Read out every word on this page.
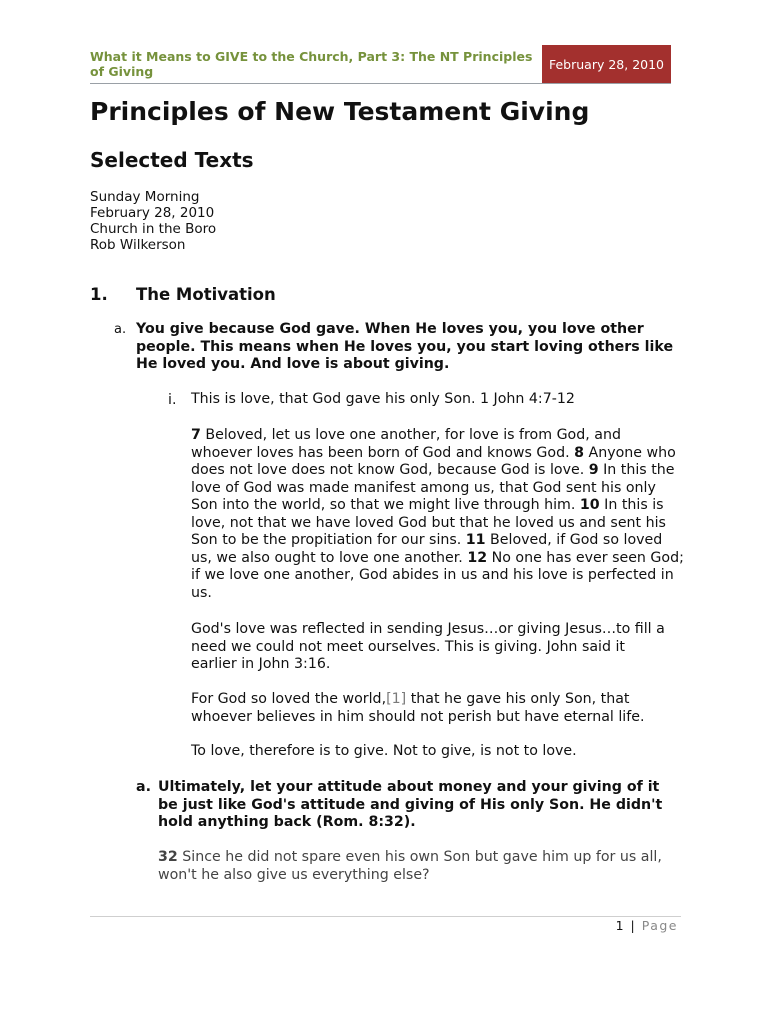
What it Means to GIVE to the Church, Part 3: The NT Principles of Giving	February 28, 2010
Principles of New Testament Giving
Selected Texts
Sunday Morning
February 28, 2010
Church in the Boro
Rob Wilkerson
1. The Motivation
a. You give because God gave. When He loves you, you love other people. This means when He loves you, you start loving others like He loved you. And love is about giving.
i. This is love, that God gave his only Son. 1 John 4:7-12
7 Beloved, let us love one another, for love is from God, and whoever loves has been born of God and knows God. 8 Anyone who does not love does not know God, because God is love. 9 In this the love of God was made manifest among us, that God sent his only Son into the world, so that we might live through him. 10 In this is love, not that we have loved God but that he loved us and sent his Son to be the propitiation for our sins. 11 Beloved, if God so loved us, we also ought to love one another. 12 No one has ever seen God; if we love one another, God abides in us and his love is perfected in us.
God's love was reflected in sending Jesus…or giving Jesus…to fill a need we could not meet ourselves. This is giving. John said it earlier in John 3:16.
For God so loved the world,[1] that he gave his only Son, that whoever believes in him should not perish but have eternal life.
To love, therefore is to give. Not to give, is not to love.
a. Ultimately, let your attitude about money and your giving of it be just like God's attitude and giving of His only Son. He didn't hold anything back (Rom. 8:32).
32 Since he did not spare even his own Son but gave him up for us all, won't he also give us everything else?
1 | Page
